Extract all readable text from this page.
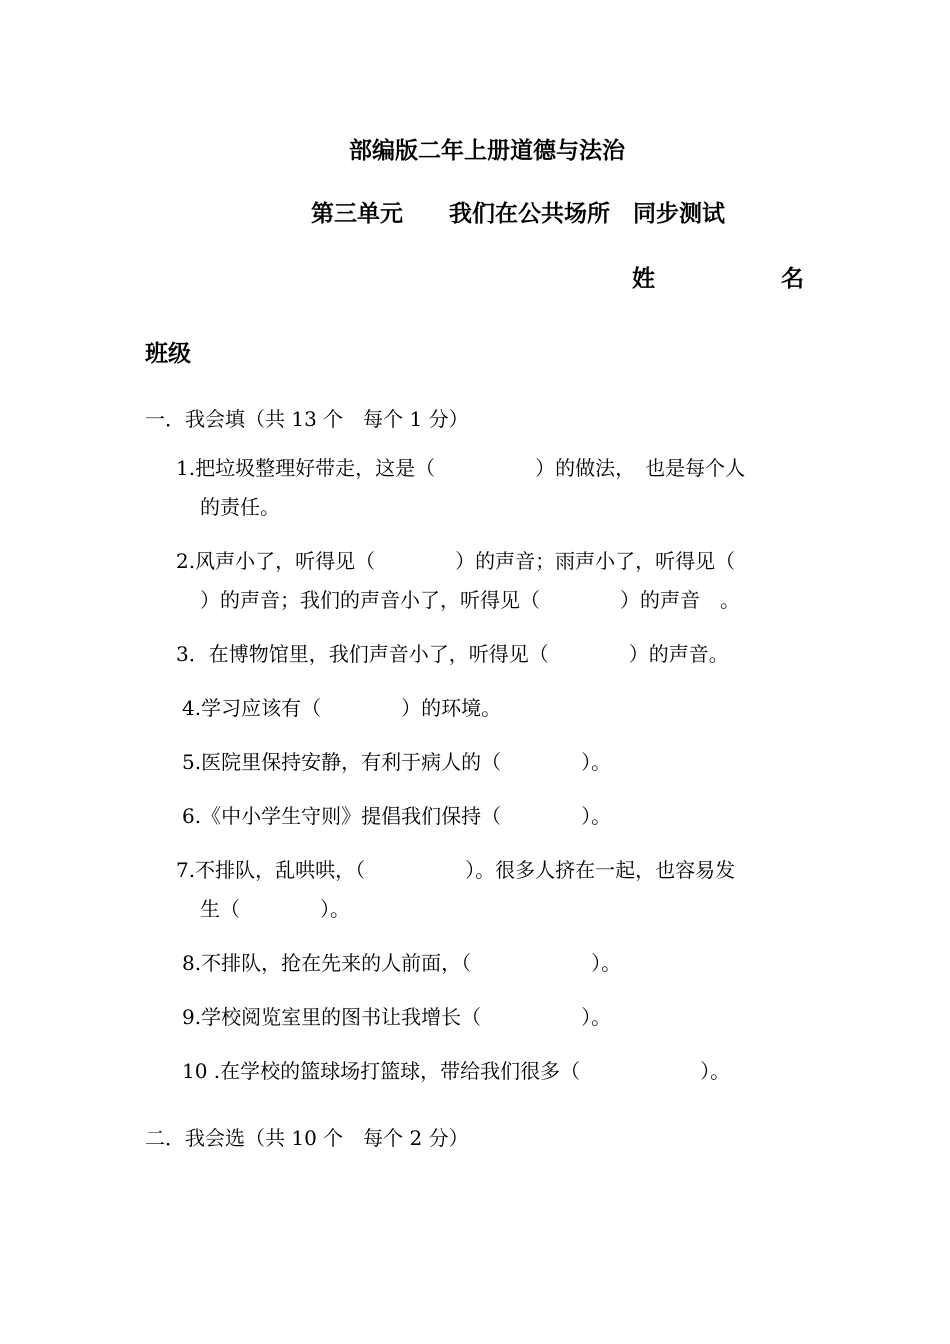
部编版二年上册道德与法治
第三单元　　我们在公共场所　同步测试
姓	名
班级
一．我会填（共 13 个　每个 1 分）
1.把垃圾整理好带走，这是（　　　　　）的做法，　也是每个人
的责任。
2.风声小了，听得见（　　　　）的声音；雨声小了，听得见（
）的声音；我们的声音小了，听得见（　　　　）的声音　。
3．在博物馆里，我们声音小了，听得见（　　　　）的声音。
4.学习应该有（　　　　）的环境。
5.医院里保持安静，有利于病人的（　　　　）。
6.《中小学生守则》提倡我们保持（　　　　）。
7.不排队，乱哄哄，（　　　　　）。很多人挤在一起，也容易发
生（　　　　）。
8.不排队，抢在先来的人前面，（　　　　　　）。
9.学校阅览室里的图书让我增长（　　　　　）。
10 .在学校的篮球场打篮球，带给我们很多（　　　　　　）。
二．我会选（共 10 个　每个 2 分）
